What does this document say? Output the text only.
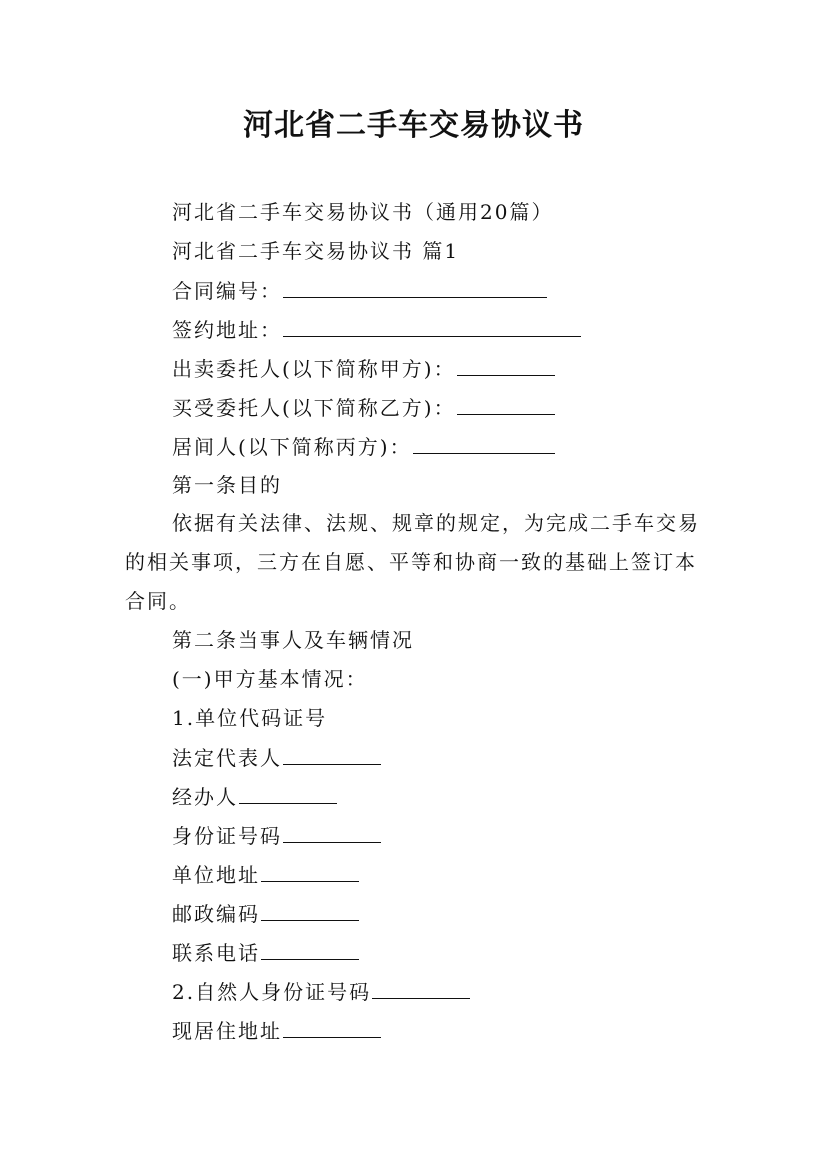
河北省二手车交易协议书
河北省二手车交易协议书（通用20篇）
河北省二手车交易协议书 篇1
合同编号：
签约地址：
出卖委托人(以下简称甲方)：
买受委托人(以下简称乙方)：
居间人(以下简称丙方)：
第一条目的
依据有关法律、法规、规章的规定，为完成二手车交易的相关事项，三方在自愿、平等和协商一致的基础上签订本合同。
第二条当事人及车辆情况
(一)甲方基本情况：
1.单位代码证号
法定代表人
经办人
身份证号码
单位地址
邮政编码
联系电话
2.自然人身份证号码
现居住地址
